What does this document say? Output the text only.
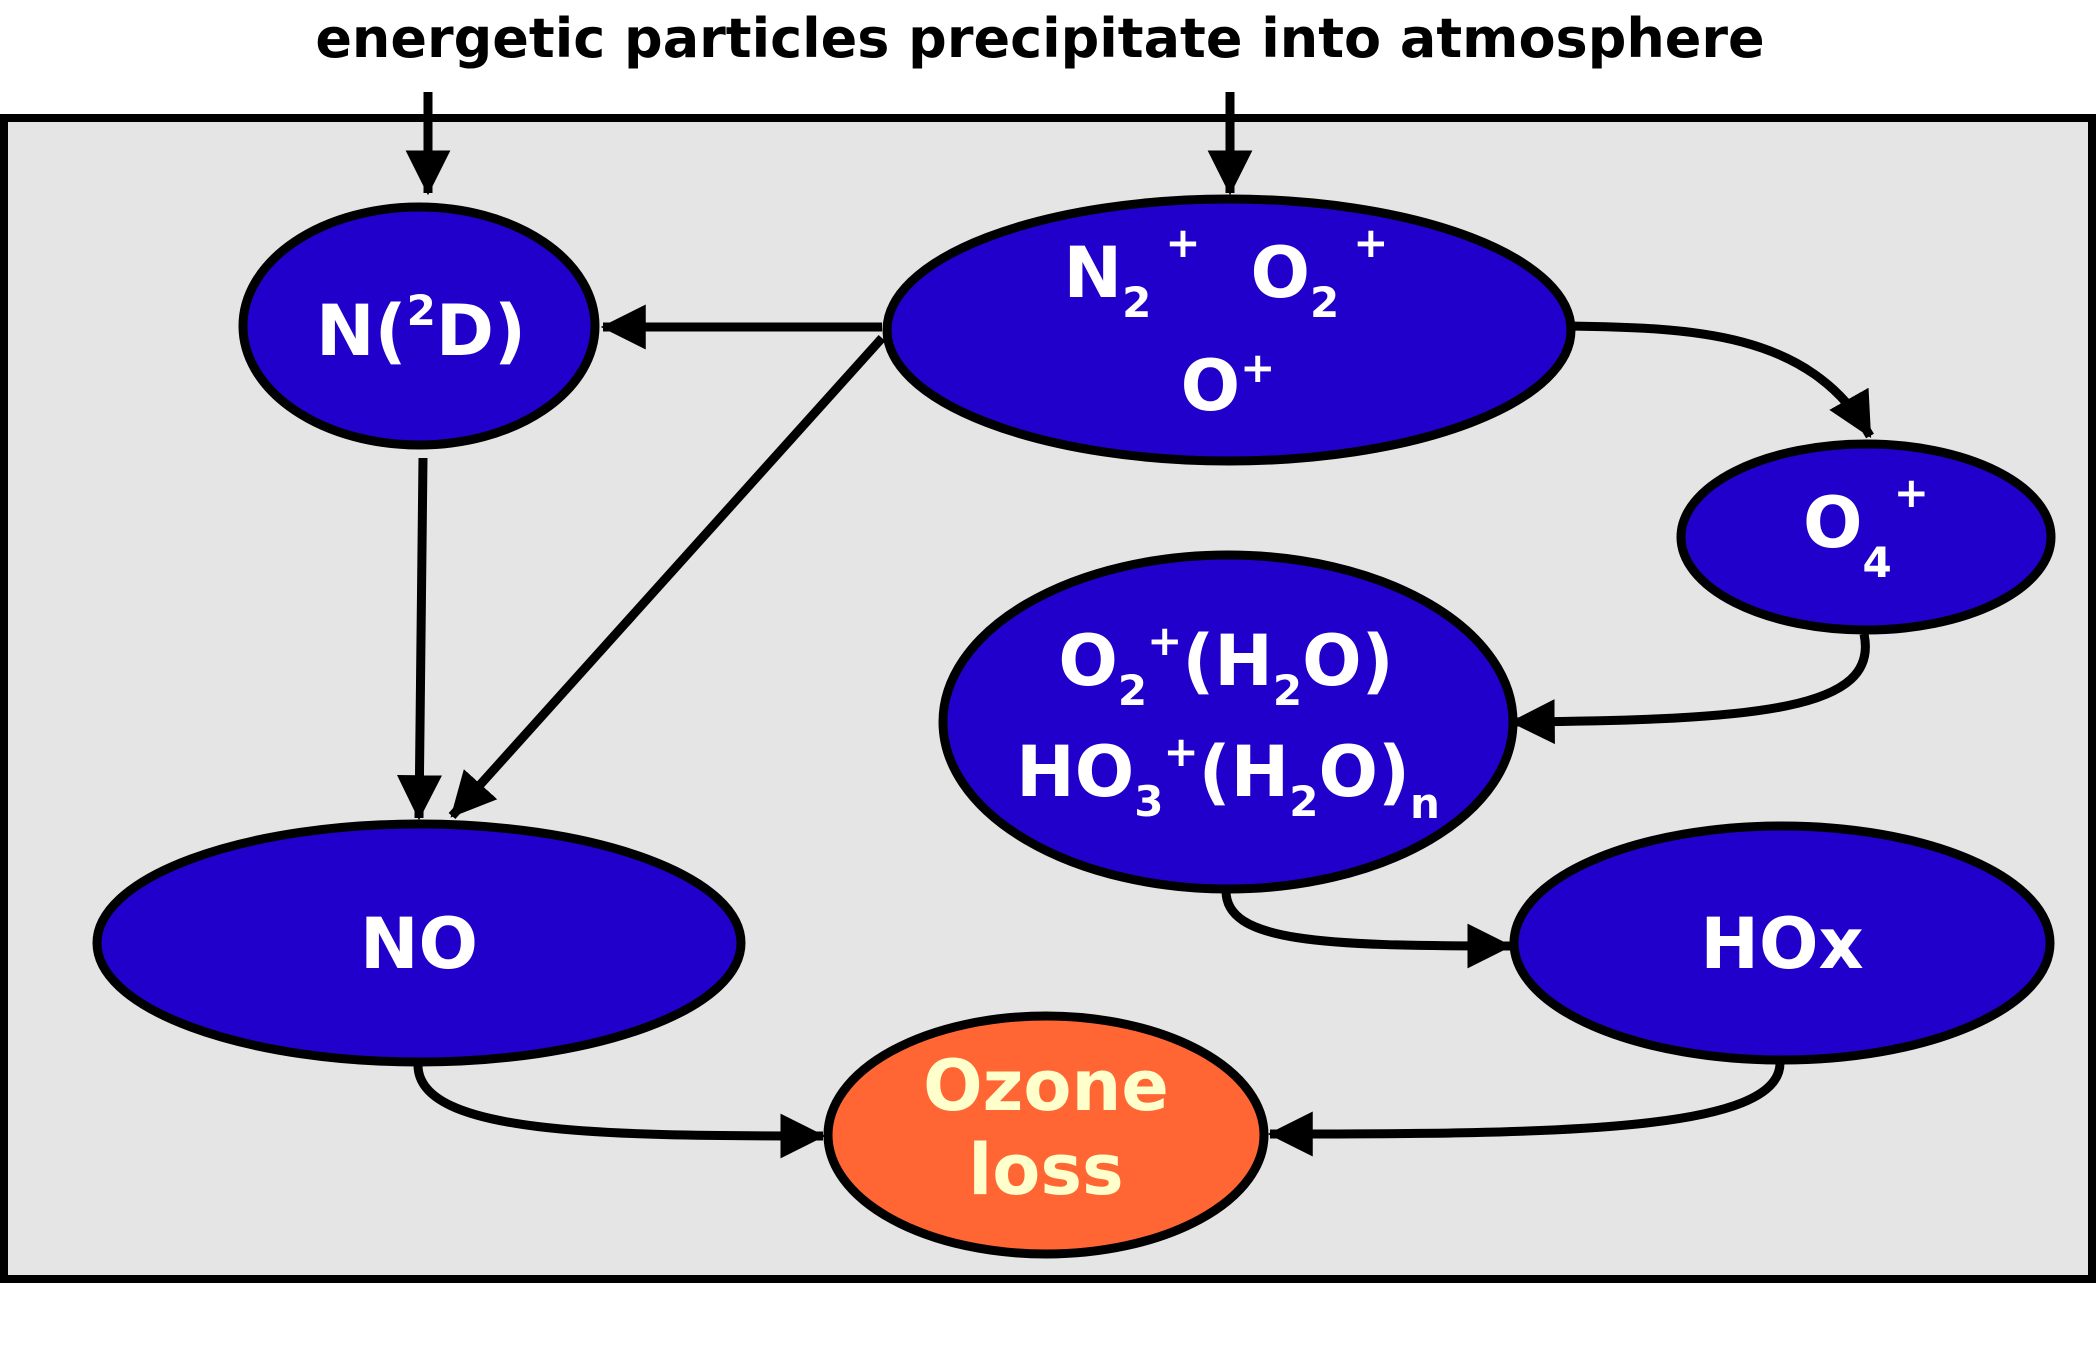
energetic particles precipitate into atmosphere
N($^2$D)
$N_2^+$ $O_2^+$
O+
$O_4^+$
$O_2^+(H_2O)$
$HO_3^+(H_2O)_n$
NO	HOx
Ozone
loss
